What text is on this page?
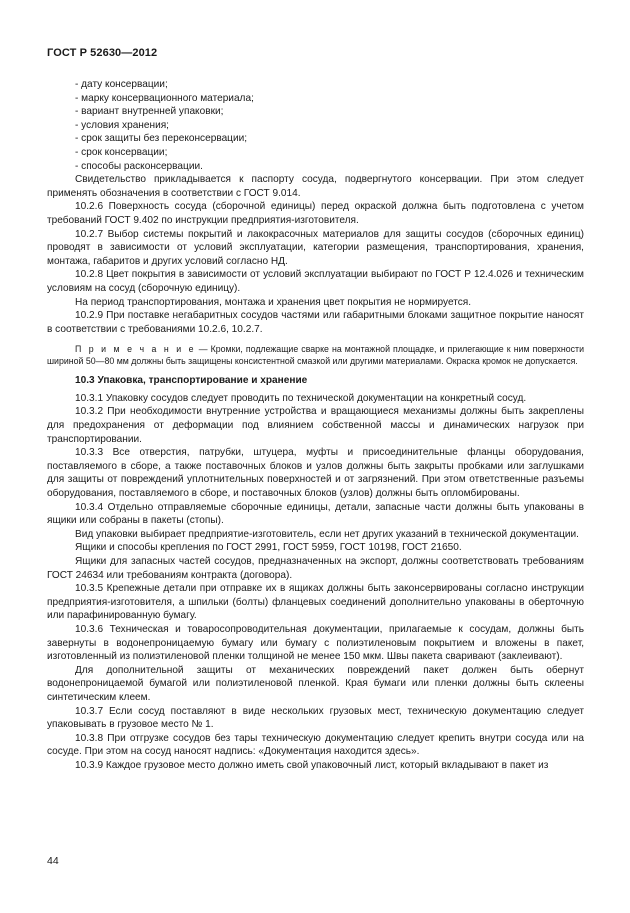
ГОСТ Р 52630—2012

- дату консервации;

- марку консервационного материала;

- вариант внутренней упаковки;

- условия хранения;

- срок защиты без переконсервации;

- срок консервации;

- способы расконсервации.

Свидетельство прикладывается к паспорту сосуда, подвергнутого консервации. При этом следует применять обозначения в соответствии с ГОСТ 9.014.

10.2.6 Поверхность сосуда (сборочной единицы) перед окраской должна быть подготовлена с учетом требований ГОСТ 9.402 по инструкции предприятия-изготовителя.

10.2.7 Выбор системы покрытий и лакокрасочных материалов для защиты сосудов (сборочных единиц) проводят в зависимости от условий эксплуатации, категории размещения, транспортирования, хранения, монтажа, габаритов и других условий согласно НД.

10.2.8 Цвет покрытия в зависимости от условий эксплуатации выбирают по ГОСТ Р 12.4.026 и техническим условиям на сосуд (сборочную единицу).

На период транспортирования, монтажа и хранения цвет покрытия не нормируется.

10.2.9 При поставке негабаритных сосудов частями или габаритными блоками защитное покрытие наносят в соответствии с требованиями 10.2.6, 10.2.7.

П р и м е ч а н и е — Кромки, подлежащие сварке на монтажной площадке, и прилегающие к ним поверхности шириной 50—80 мм должны быть защищены консистентной смазкой или другими материалами. Окраска кромок не допускается.

10.3 Упаковка, транспортирование и хранение

10.3.1 Упаковку сосудов следует проводить по технической документации на конкретный сосуд.

10.3.2 При необходимости внутренние устройства и вращающиеся механизмы должны быть закреплены для предохранения от деформации под влиянием собственной массы и динамических нагрузок при транспортировании.

10.3.3 Все отверстия, патрубки, штуцера, муфты и присоединительные фланцы оборудования, поставляемого в сборе, а также поставочных блоков и узлов должны быть закрыты пробками или заглушками для защиты от повреждений уплотнительных поверхностей и от загрязнений. При этом ответственные разъемы оборудования, поставляемого в сборе, и поставочных блоков (узлов) должны быть опломбированы.

10.3.4 Отдельно отправляемые сборочные единицы, детали, запасные части должны быть упакованы в ящики или собраны в пакеты (стопы).

Вид упаковки выбирает предприятие-изготовитель, если нет других указаний в технической документации.

Ящики и способы крепления по ГОСТ 2991, ГОСТ 5959, ГОСТ 10198, ГОСТ 21650.

Ящики для запасных частей сосудов, предназначенных на экспорт, должны соответствовать требованиям ГОСТ 24634 или требованиям контракта (договора).

10.3.5 Крепежные детали при отправке их в ящиках должны быть законсервированы согласно инструкции предприятия-изготовителя, а шпильки (болты) фланцевых соединений дополнительно упакованы в оберточную или парафинированную бумагу.

10.3.6 Техническая и товаросопроводительная документации, прилагаемые к сосудам, должны быть завернуты в водонепроницаемую бумагу или бумагу с полиэтиленовым покрытием и вложены в пакет, изготовленный из полиэтиленовой пленки толщиной не менее 150 мкм. Швы пакета сваривают (заклеивают).

Для дополнительной защиты от механических повреждений пакет должен быть обернут водонепроницаемой бумагой или полиэтиленовой пленкой. Края бумаги или пленки должны быть склеены синтетическим клеем.

10.3.7 Если сосуд поставляют в виде нескольких грузовых мест, техническую документацию следует упаковывать в грузовое место № 1.

10.3.8 При отгрузке сосудов без тары техническую документацию следует крепить внутри сосуда или на сосуде. При этом на сосуд наносят надпись: «Документация находится здесь».

10.3.9 Каждое грузовое место должно иметь свой упаковочный лист, который вкладывают в пакет из

44
